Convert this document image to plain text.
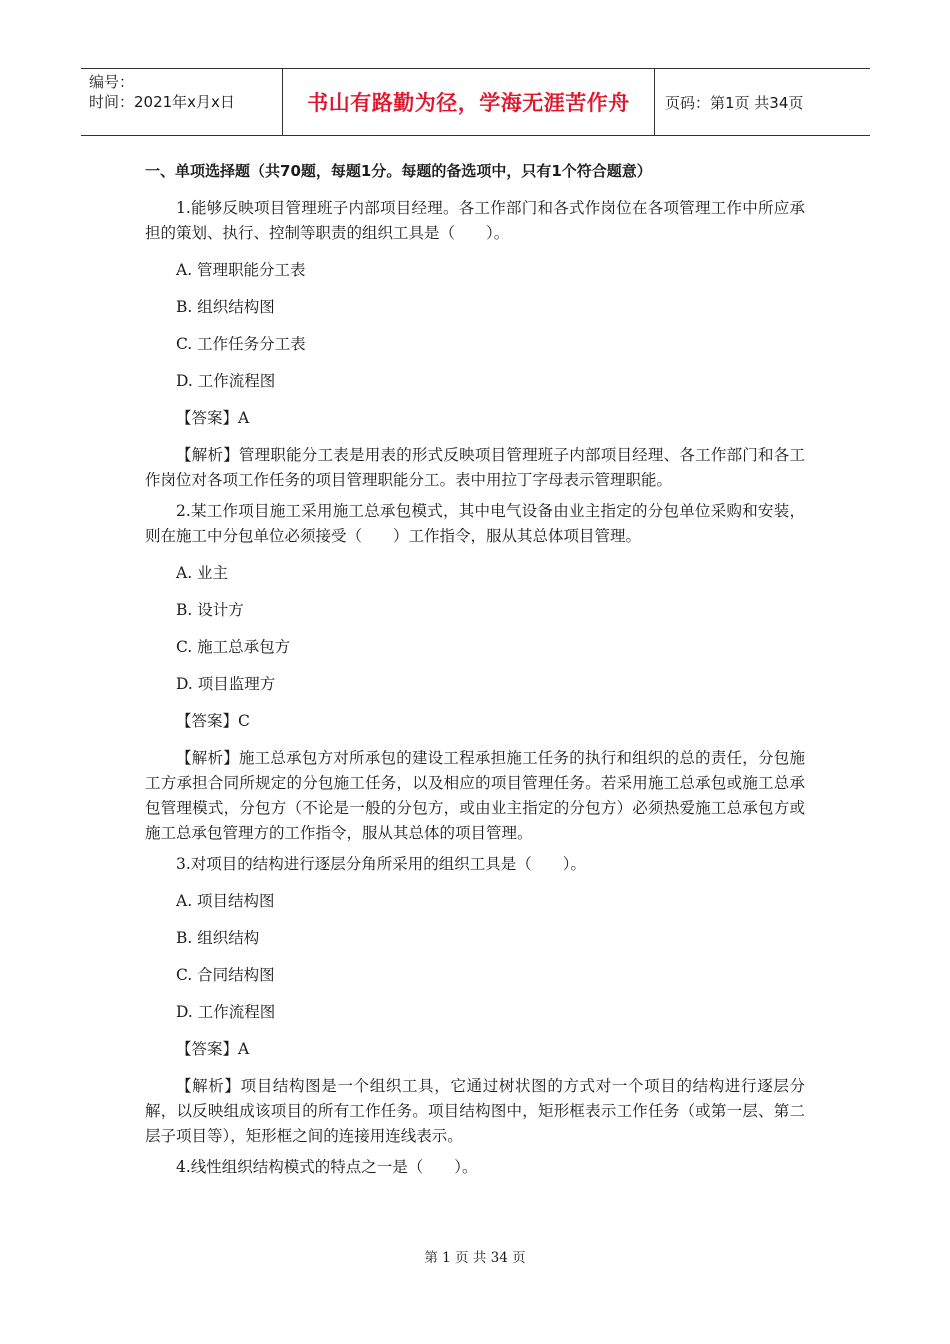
编号：
时间：2021年x月x日	书山有路勤为径，学海无涯苦作舟	页码：第1页 共34页

一、单项选择题（共70题，每题1分。每题的备选项中，只有1个符合题意）

1.能够反映项目管理班子内部项目经理。各工作部门和各式作岗位在各项管理工作中所应承担的策划、执行、控制等职责的组织工具是（　　）。

A. 管理职能分工表

B. 组织结构图

C. 工作任务分工表

D. 工作流程图

【答案】A

【解析】管理职能分工表是用表的形式反映项目管理班子内部项目经理、各工作部门和各工作岗位对各项工作任务的项目管理职能分工。表中用拉丁字母表示管理职能。

2.某工作项目施工采用施工总承包模式，其中电气设备由业主指定的分包单位采购和安装，则在施工中分包单位必须接受（　　）工作指令，服从其总体项目管理。

A. 业主

B. 设计方

C. 施工总承包方

D. 项目监理方

【答案】C

【解析】施工总承包方对所承包的建设工程承担施工任务的执行和组织的总的责任，分包施工方承担合同所规定的分包施工任务，以及相应的项目管理任务。若采用施工总承包或施工总承包管理模式，分包方（不论是一般的分包方，或由业主指定的分包方）必须热爱施工总承包方或施工总承包管理方的工作指令，服从其总体的项目管理。

3.对项目的结构进行逐层分角所采用的组织工具是（　　）。

A. 项目结构图

B. 组织结构

C. 合同结构图

D. 工作流程图

【答案】A

【解析】项目结构图是一个组织工具，它通过树状图的方式对一个项目的结构进行逐层分解，以反映组成该项目的所有工作任务。项目结构图中，矩形框表示工作任务（或第一层、第二层子项目等），矩形框之间的连接用连线表示。

4.线性组织结构模式的特点之一是（　　）。

第 1 页 共 34 页
